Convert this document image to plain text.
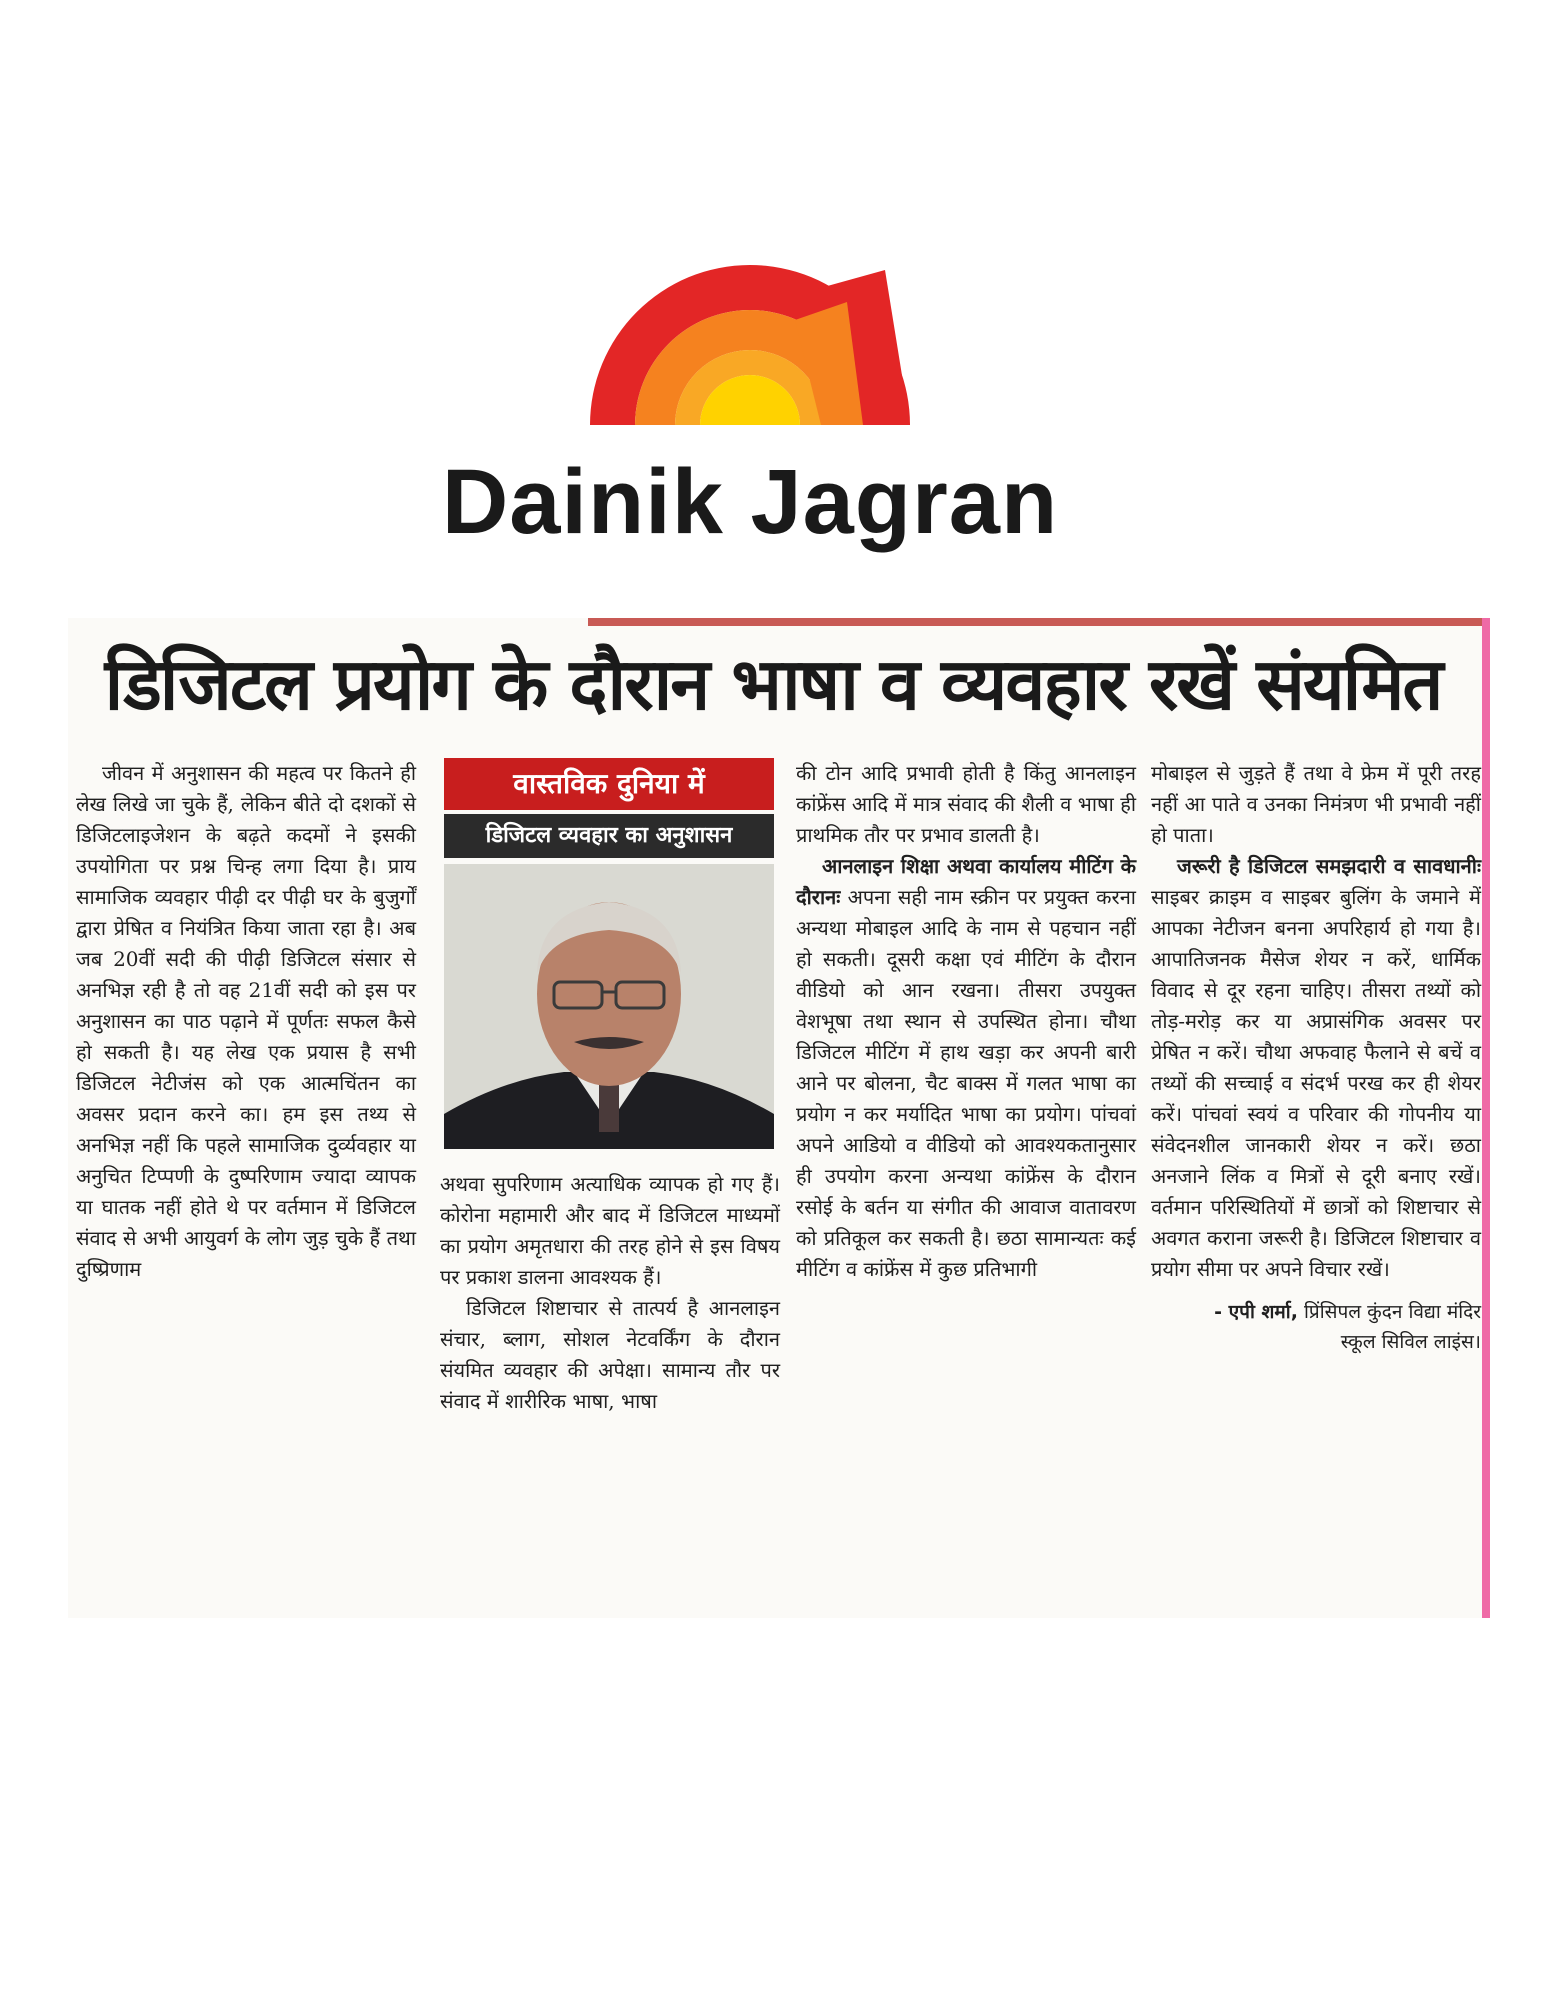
Dainik Jagran
डिजिटल प्रयोग के दौरान भाषा व व्यवहार रखें संयमित

जीवन में अनुशासन की महत्व पर कितने ही लेख लिखे जा चुके हैं, लेकिन बीते दो दशकों से डिजिटलाइजेशन के बढ़ते कदमों ने इसकी उपयोगिता पर प्रश्न चिन्ह लगा दिया है। प्राय सामाजिक व्यवहार पीढ़ी दर पीढ़ी घर के बुजुर्गों द्वारा प्रेषित व नियंत्रित किया जाता रहा है। अब जब 20वीं सदी की पीढ़ी डिजिटल संसार से अनभिज्ञ रही है तो वह 21वीं सदी को इस पर अनुशासन का पाठ पढ़ाने में पूर्णतः सफल कैसे हो सकती है। यह लेख एक प्रयास है सभी डिजिटल नेटीजंस को एक आत्मचिंतन का अवसर प्रदान करने का। हम इस तथ्य से अनभिज्ञ नहीं कि पहले सामाजिक दुर्व्यवहार या अनुचित टिप्पणी के दुष्परिणाम ज्यादा व्यापक या घातक नहीं होते थे पर वर्तमान में डिजिटल संवाद से अभी आयुवर्ग के लोग जुड़ चुके हैं तथा दुष्प्रिणाम

वास्तविक दुनिया में
डिजिटल व्यवहार का अनुशासन

अथवा सुपरिणाम अत्याधिक व्यापक हो गए हैं। कोरोना महामारी और बाद में डिजिटल माध्यमों का प्रयोग अमृतधारा की तरह होने से इस विषय पर प्रकाश डालना आवश्यक हैं।

डिजिटल शिष्टाचार से तात्पर्य है आनलाइन संचार, ब्लाग, सोशल नेटवर्किंग के दौरान संयमित व्यवहार की अपेक्षा। सामान्य तौर पर संवाद में शारीरिक भाषा, भाषा

की टोन आदि प्रभावी होती है किंतु आनलाइन कांफ्रेंस आदि में मात्र संवाद की शैली व भाषा ही प्राथमिक तौर पर प्रभाव डालती है।

आनलाइन शिक्षा अथवा कार्यालय मीटिंग के दौरानः अपना सही नाम स्क्रीन पर प्रयुक्त करना अन्यथा मोबाइल आदि के नाम से पहचान नहीं हो सकती। दूसरी कक्षा एवं मीटिंग के दौरान वीडियो को आन रखना। तीसरा उपयुक्त वेशभूषा तथा स्थान से उपस्थित होना। चौथा डिजिटल मीटिंग में हाथ खड़ा कर अपनी बारी आने पर बोलना, चैट बाक्स में गलत भाषा का प्रयोग न कर मर्यादित भाषा का प्रयोग। पांचवां अपने आडियो व वीडियो को आवश्यकतानुसार ही उपयोग करना अन्यथा कांफ्रेंस के दौरान रसोई के बर्तन या संगीत की आवाज वातावरण को प्रतिकूल कर सकती है। छठा सामान्यतः कई मीटिंग व कांफ्रेंस में कुछ प्रतिभागी

मोबाइल से जुड़ते हैं तथा वे फ्रेम में पूरी तरह नहीं आ पाते व उनका निमंत्रण भी प्रभावी नहीं हो पाता।

जरूरी है डिजिटल समझदारी व सावधानीः साइबर क्राइम व साइबर बुलिंग के जमाने में आपका नेटीजन बनना अपरिहार्य हो गया है। आपातिजनक मैसेज शेयर न करें, धार्मिक विवाद से दूर रहना चाहिए। तीसरा तथ्यों को तोड़-मरोड़ कर या अप्रासंगिक अवसर पर प्रेषित न करें। चौथा अफवाह फैलाने से बचें व तथ्यों की सच्चाई व संदर्भ परख कर ही शेयर करें। पांचवां स्वयं व परिवार की गोपनीय या संवेदनशील जानकारी शेयर न करें। छठा अनजाने लिंक व मित्रों से दूरी बनाए रखें। वर्तमान परिस्थितियों में छात्रों को शिष्टाचार से अवगत कराना जरूरी है। डिजिटल शिष्टाचार व प्रयोग सीमा पर अपने विचार रखें।

- एपी शर्मा, प्रिंसिपल कुंदन विद्या मंदिर
स्कूल सिविल लाइंस।
